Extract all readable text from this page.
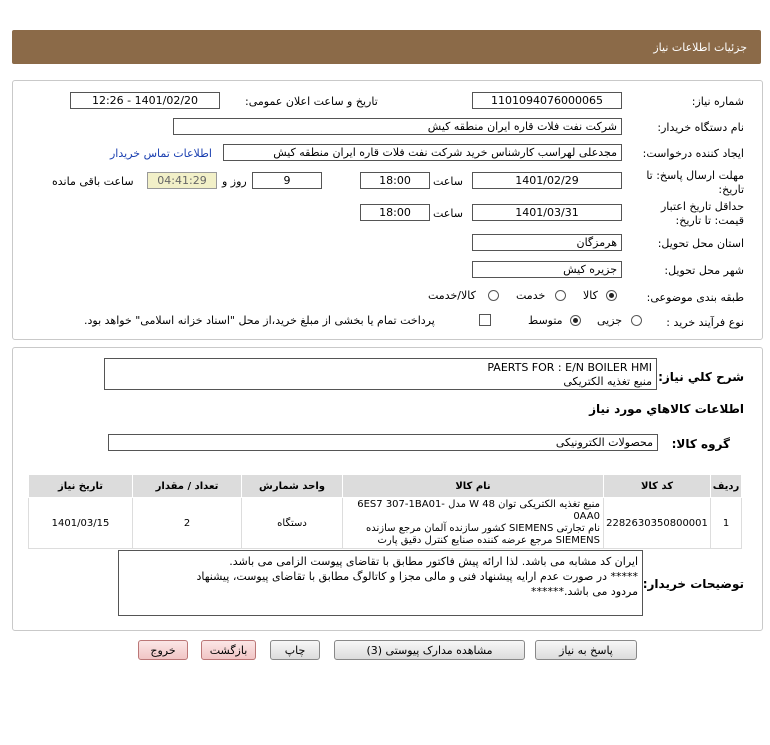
جزئیات اطلاعات نیاز
شماره نیاز:
1101094076000065
تاریخ و ساعت اعلان عمومی:
1401/02/20 - 12:26
نام دستگاه خریدار:
شرکت نفت فلات قاره ایران منطقه کیش
ایجاد کننده درخواست:
مجدعلی لهراسب کارشناس خرید شرکت نفت فلات قاره ایران منطقه کیش
اطلاعات تماس خریدار
مهلت ارسال پاسخ: تا
تاریخ:
1401/02/29
ساعت
18:00
9
روز و
04:41:29
ساعت باقی مانده
حداقل تاریخ اعتبار
قیمت: تا تاریخ:
1401/03/31
ساعت
18:00
استان محل تحویل:
هرمزگان
شهر محل تحویل:
جزیره کیش
طبقه بندی موضوعی:
کالا
خدمت
کالا/خدمت
نوع فرآیند خرید :
جزیی
متوسط
پرداخت تمام یا بخشی از مبلغ خرید،از محل "اسناد خزانه اسلامی" خواهد بود.
شرح کلي نياز:
PAERTS FOR : E/N BOILER HMI
منبع تغذیه الکتریکی
اطلاعات کالاهاي مورد نياز
گروه کالا:
محصولات الکترونیکی
ردیف	کد کالا	نام کالا	واحد شمارش	تعداد / مقدار	تاریخ نیاز
1	2282630350800001	منبع تغذیه الکتریکی توان 48 W مدل 6ES7 307-1BA01-0AA0
نام تجارتی SIEMENS کشور سازنده آلمان مرجع سازنده
SIEMENS مرجع عرضه کننده صنایع کنترل دقیق پارت	دستگاه	2	1401/03/15
توضیحات خریدار:
ایران کد مشابه می باشد. لذا ارائه پیش فاکتور مطابق با تقاضای پیوست الزامی می باشد.
***** در صورت عدم ارایه پیشنهاد فنی و مالی مجزا و کاتالوگ مطابق با تقاضای پیوست، پیشنهاد
مردود می باشد.******
پاسخ به نیاز
مشاهده مدارک پیوستی (3)
چاپ
بازگشت
خروج
